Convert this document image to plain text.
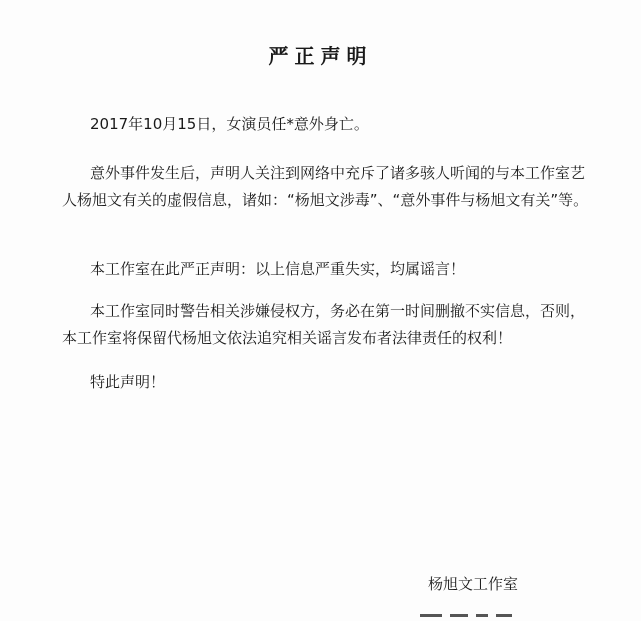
严正声明

2017年10月15日，女演员任*意外身亡。

意外事件发生后，声明人关注到网络中充斥了诸多骇人听闻的与本工作室艺人杨旭文有关的虚假信息，诸如：“杨旭文涉毒”、“意外事件与杨旭文有关”等。

本工作室在此严正声明：以上信息严重失实，均属谣言！

本工作室同时警告相关涉嫌侵权方，务必在第一时间删撤不实信息，否则，本工作室将保留代杨旭文依法追究相关谣言发布者法律责任的权利！

特此声明！

杨旭文工作室
